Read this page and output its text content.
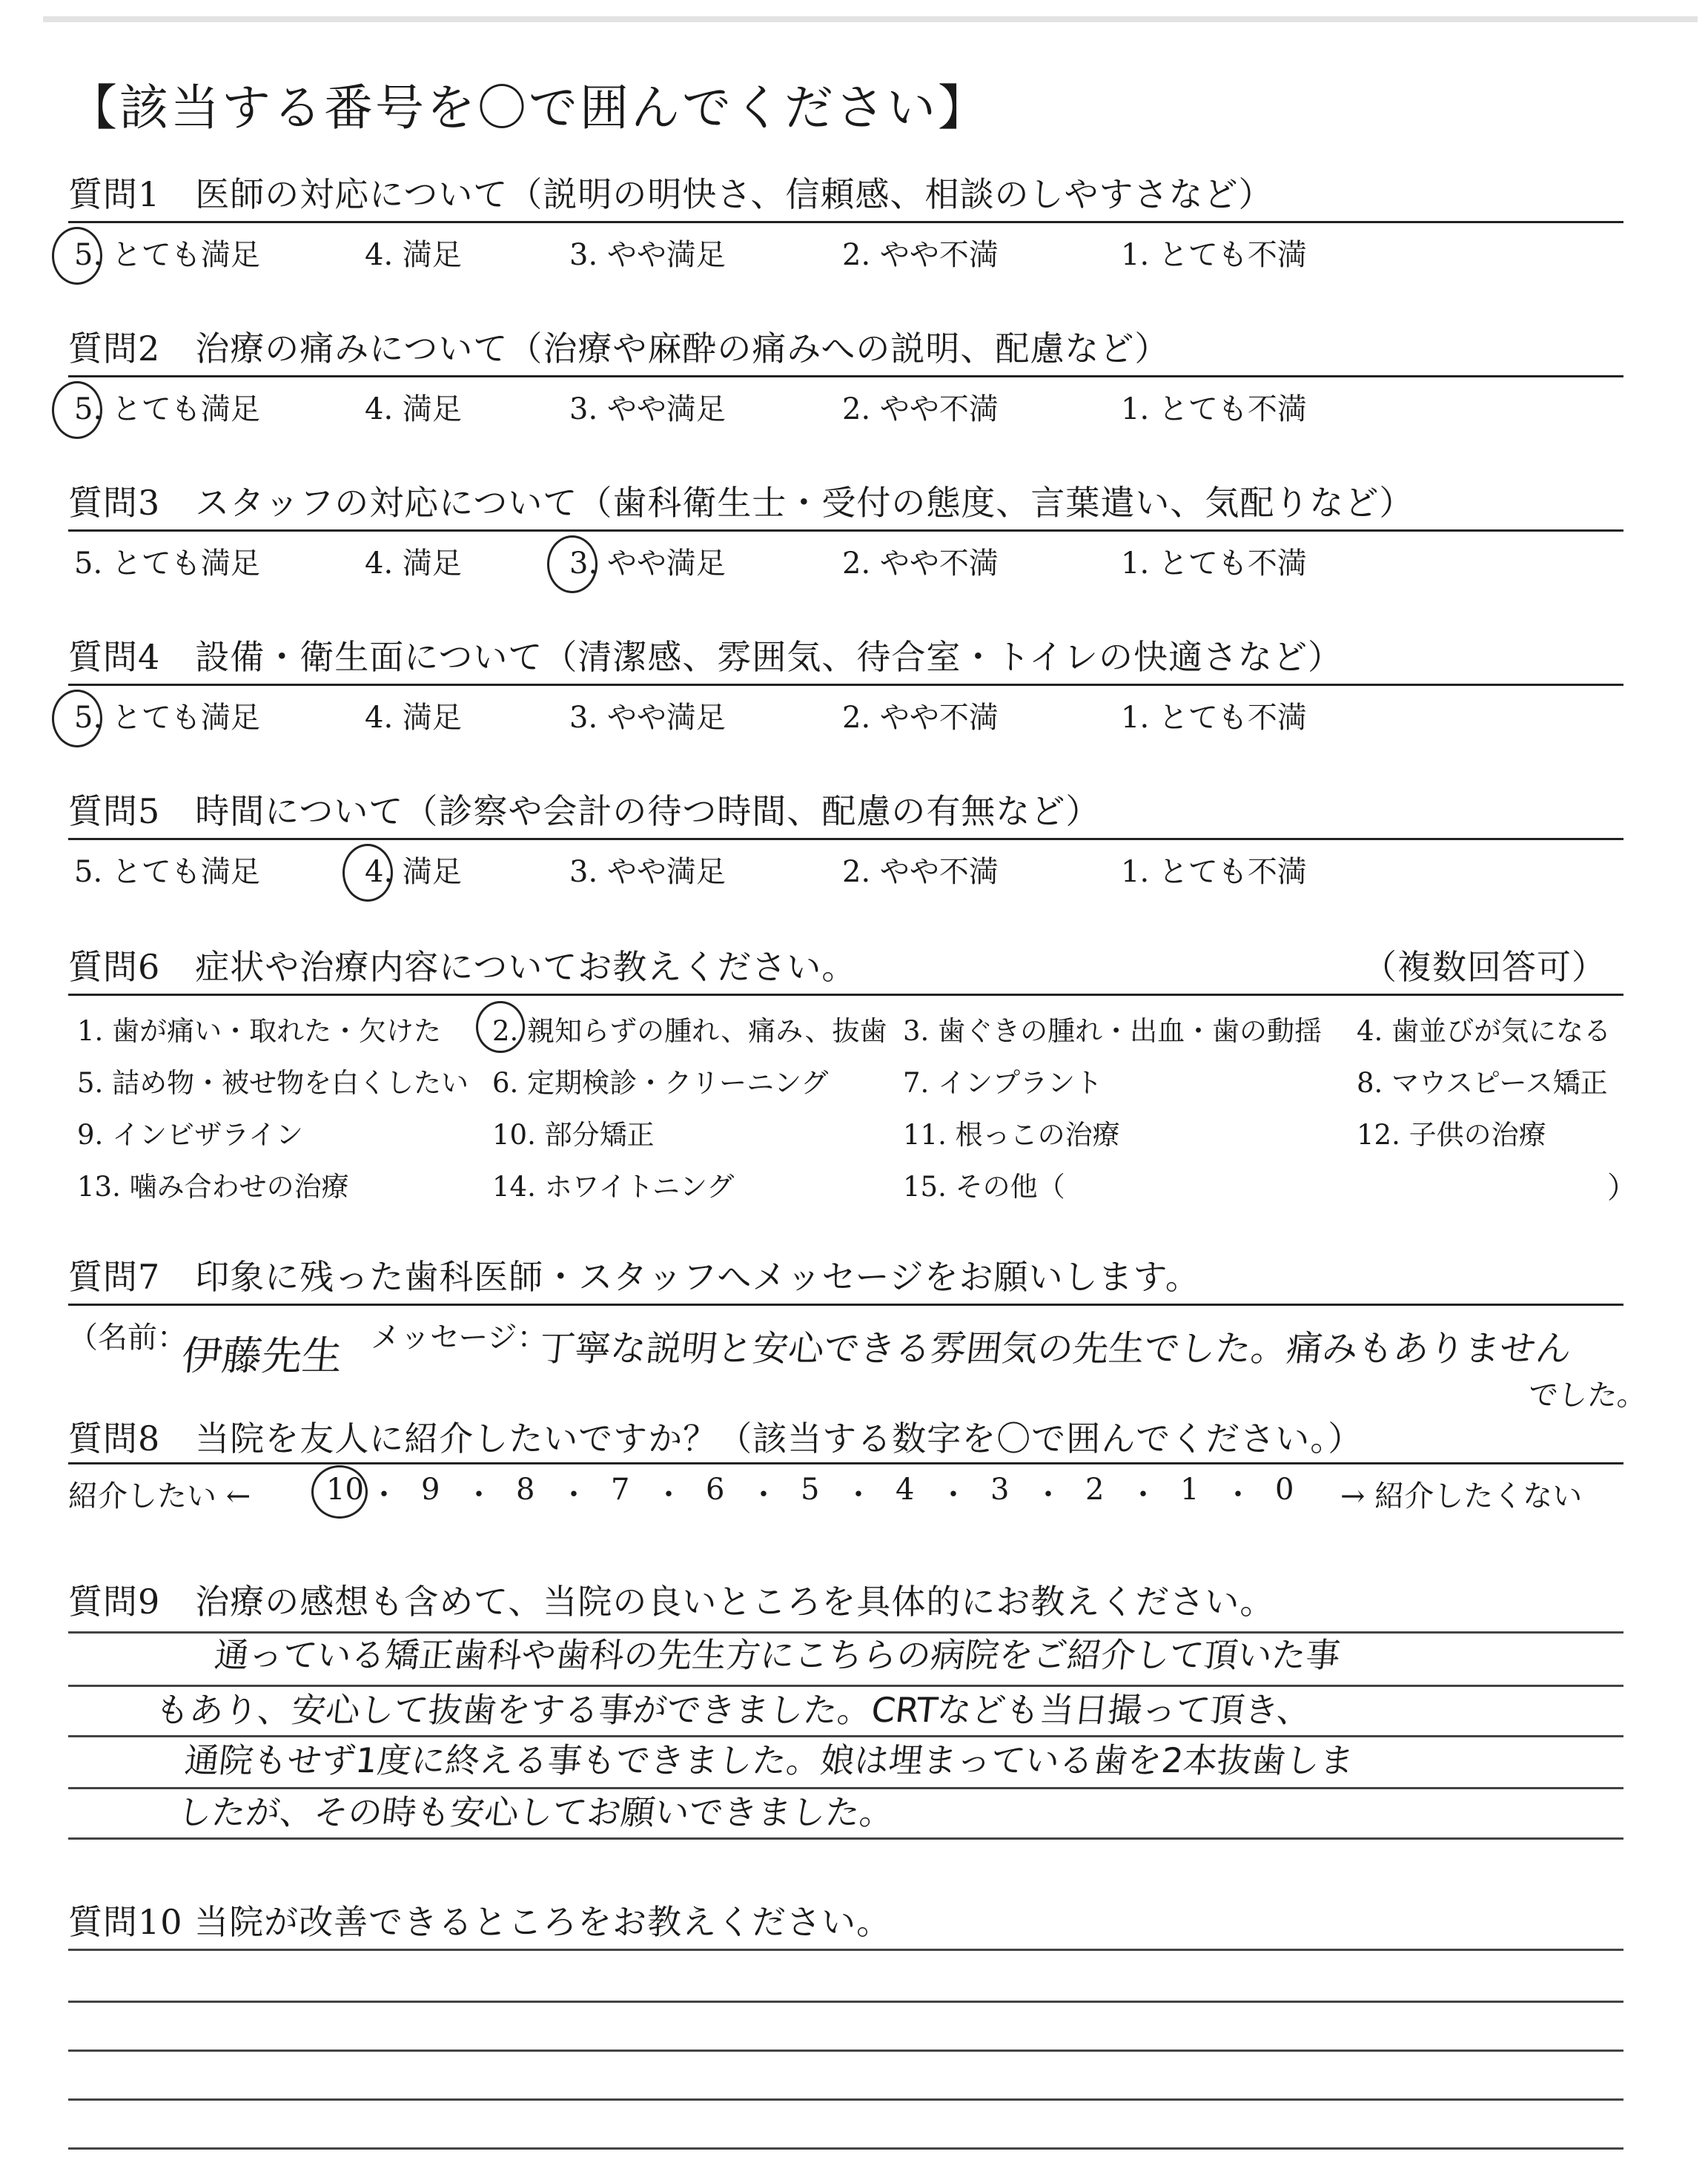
【該当する番号を〇で囲んでください】
質問1　医師の対応について（説明の明快さ、信頼感、相談のしやすさなど）
5. とても満足	4. 満足	3. やや満足	2. やや不満	1. とても不満
質問2　治療の痛みについて（治療や麻酔の痛みへの説明、配慮など）
5. とても満足	4. 満足	3. やや満足	2. やや不満	1. とても不満
質問3　スタッフの対応について（歯科衛生士・受付の態度、言葉遣い、気配りなど）
5. とても満足	4. 満足	3. やや満足	2. やや不満	1. とても不満
質問4　設備・衛生面について（清潔感、雰囲気、待合室・トイレの快適さなど）
5. とても満足	4. 満足	3. やや満足	2. やや不満	1. とても不満
質問5　時間について（診察や会計の待つ時間、配慮の有無など）
5. とても満足	4. 満足	3. やや満足	2. やや不満	1. とても不満
質問6　症状や治療内容についてお教えください。	（複数回答可）
1. 歯が痛い・取れた・欠けた 2. 親知らずの腫れ、痛み、抜歯 3. 歯ぐきの腫れ・出血・歯の動揺 4. 歯並びが気になる
5. 詰め物・被せ物を白くしたい 6. 定期検診・クリーニング	7. インプラント	8. マウスピース矯正
9. インビザライン	10. 部分矯正	11. 根っこの治療	12. 子供の治療
13. 噛み合わせの治療	14. ホワイトニング	15. その他（	）
質問7　印象に残った歯科医師・スタッフへメッセージをお願いします。
（名前：
伊藤先生 メッセージ：
丁寧な説明と安心できる雰囲気の先生でした。痛みもありません
でした。
質問8　当院を友人に紹介したいですか？（該当する数字を〇で囲んでください。）
紹介したい ←	10 ・ 9 ・ 8 ・ 7 ・ 6 ・ 5 ・ 4 ・ 3 ・ 2 ・ 1 ・ 0 → 紹介したくない
質問9　治療の感想も含めて、当院の良いところを具体的にお教えください。
通っている矯正歯科や歯科の先生方にこちらの病院をご紹介して頂いた事
もあり、安心して抜歯をする事ができました。CRTなども当日撮って頂き、
通院もせず1度に終える事もできました。娘は埋まっている歯を2本抜歯しま
したが、その時も安心してお願いできました。
質問10 当院が改善できるところをお教えください。
